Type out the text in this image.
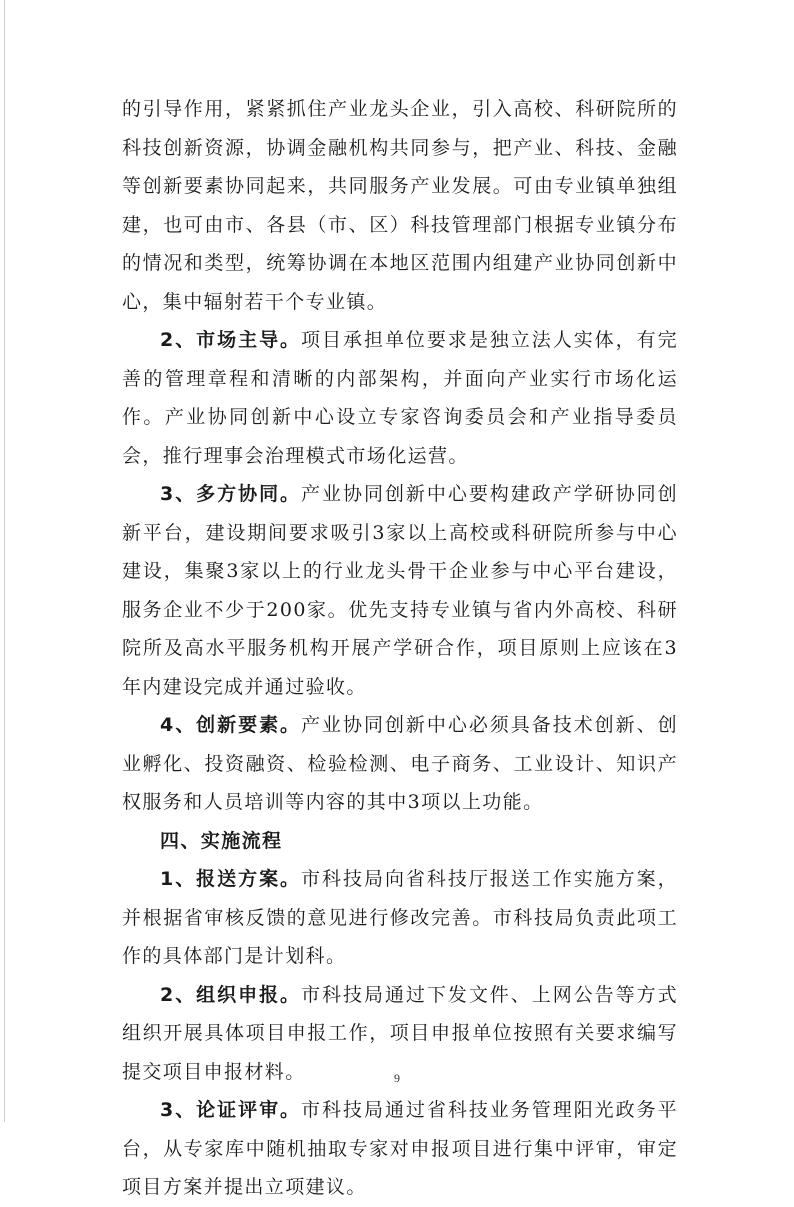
的引导作用，紧紧抓住产业龙头企业，引入高校、科研院所的科技创新资源，协调金融机构共同参与，把产业、科技、金融等创新要素协同起来，共同服务产业发展。可由专业镇单独组建，也可由市、各县（市、区）科技管理部门根据专业镇分布的情况和类型，统筹协调在本地区范围内组建产业协同创新中心，集中辐射若干个专业镇。

2、市场主导。项目承担单位要求是独立法人实体，有完善的管理章程和清晰的内部架构，并面向产业实行市场化运作。产业协同创新中心设立专家咨询委员会和产业指导委员会，推行理事会治理模式市场化运营。

3、多方协同。产业协同创新中心要构建政产学研协同创新平台，建设期间要求吸引3家以上高校或科研院所参与中心建设，集聚3家以上的行业龙头骨干企业参与中心平台建设，服务企业不少于200家。优先支持专业镇与省内外高校、科研院所及高水平服务机构开展产学研合作，项目原则上应该在3年内建设完成并通过验收。

4、创新要素。产业协同创新中心必须具备技术创新、创业孵化、投资融资、检验检测、电子商务、工业设计、知识产权服务和人员培训等内容的其中3项以上功能。

四、实施流程

1、报送方案。市科技局向省科技厅报送工作实施方案，并根据省审核反馈的意见进行修改完善。市科技局负责此项工作的具体部门是计划科。

2、组织申报。市科技局通过下发文件、上网公告等方式组织开展具体项目申报工作，项目申报单位按照有关要求编写提交项目申报材料。

3、论证评审。市科技局通过省科技业务管理阳光政务平台，从专家库中随机抽取专家对申报项目进行集中评审，审定项目方案并提出立项建议。

9
